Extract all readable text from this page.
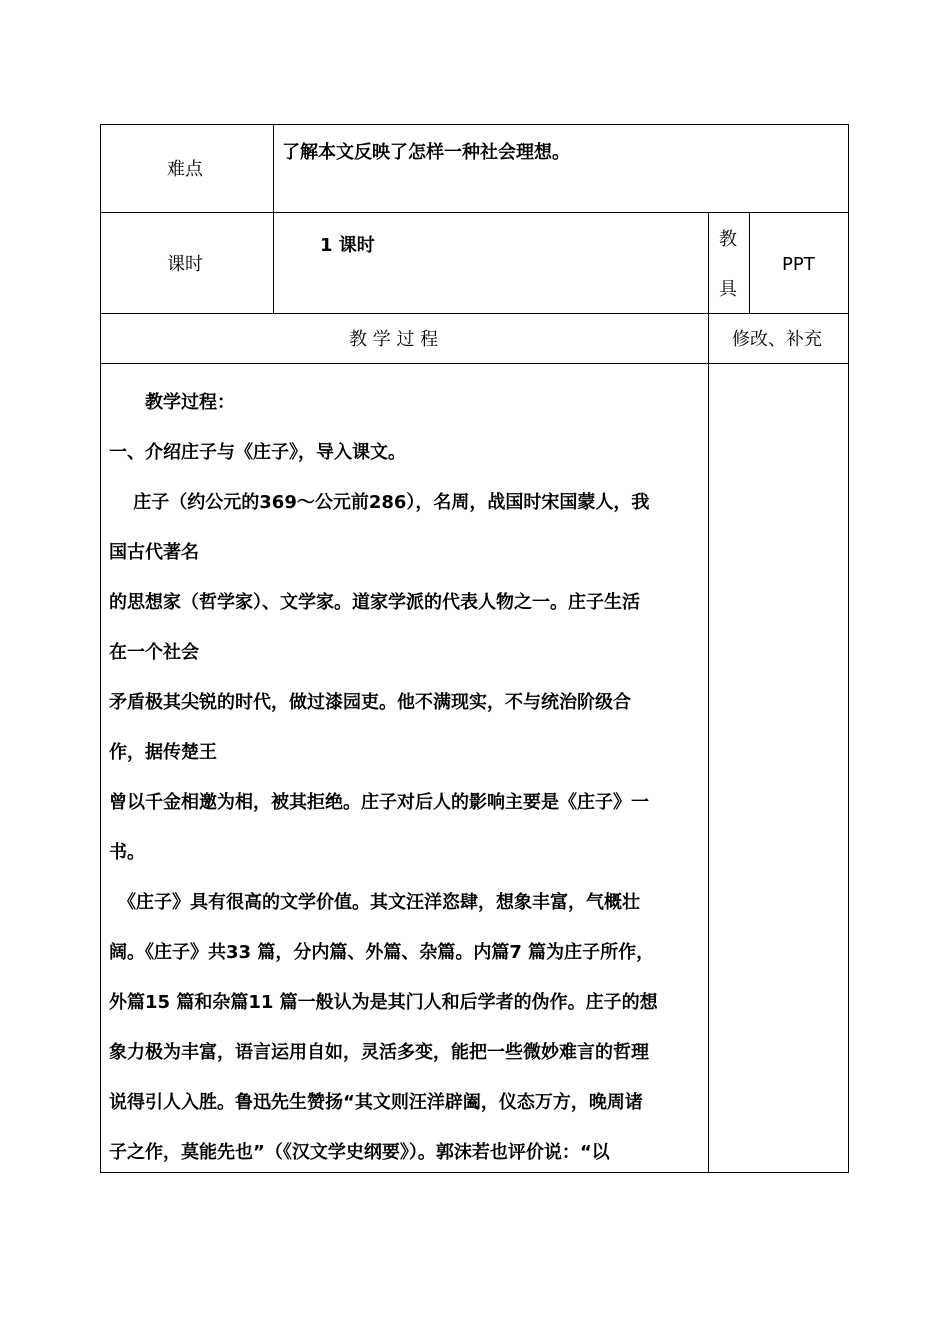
难点
了解本文反映了怎样一种社会理想。
课时
1 课时	教
具
PPT
教 学 过 程	修改、补充
　　教学过程：
一、介绍庄子与《庄子》，导入课文。
　 庄子（约公元的369～公元前286），名周，战国时宋国蒙人，我
国古代著名
的思想家（哲学家）、文学家。道家学派的代表人物之一。庄子生活
在一个社会
矛盾极其尖锐的时代，做过漆园吏。他不满现实，不与统治阶级合
作，据传楚王
曾以千金相邀为相，被其拒绝。庄子对后人的影响主要是《庄子》一
书。
　《庄子》具有很高的文学价值。其文汪洋恣肆，想象丰富，气概壮
阔。《庄子》共33 篇，分内篇、外篇、杂篇。内篇7 篇为庄子所作，
外篇15 篇和杂篇11 篇一般认为是其门人和后学者的伪作。庄子的想
象力极为丰富，语言运用自如，灵活多变，能把一些微妙难言的哲理
说得引人入胜。鲁迅先生赞扬“其文则汪洋辟阖，仪态万方，晚周诸
子之作，莫能先也”（《汉文学史纲要》）。郭沫若也评价说：“以
